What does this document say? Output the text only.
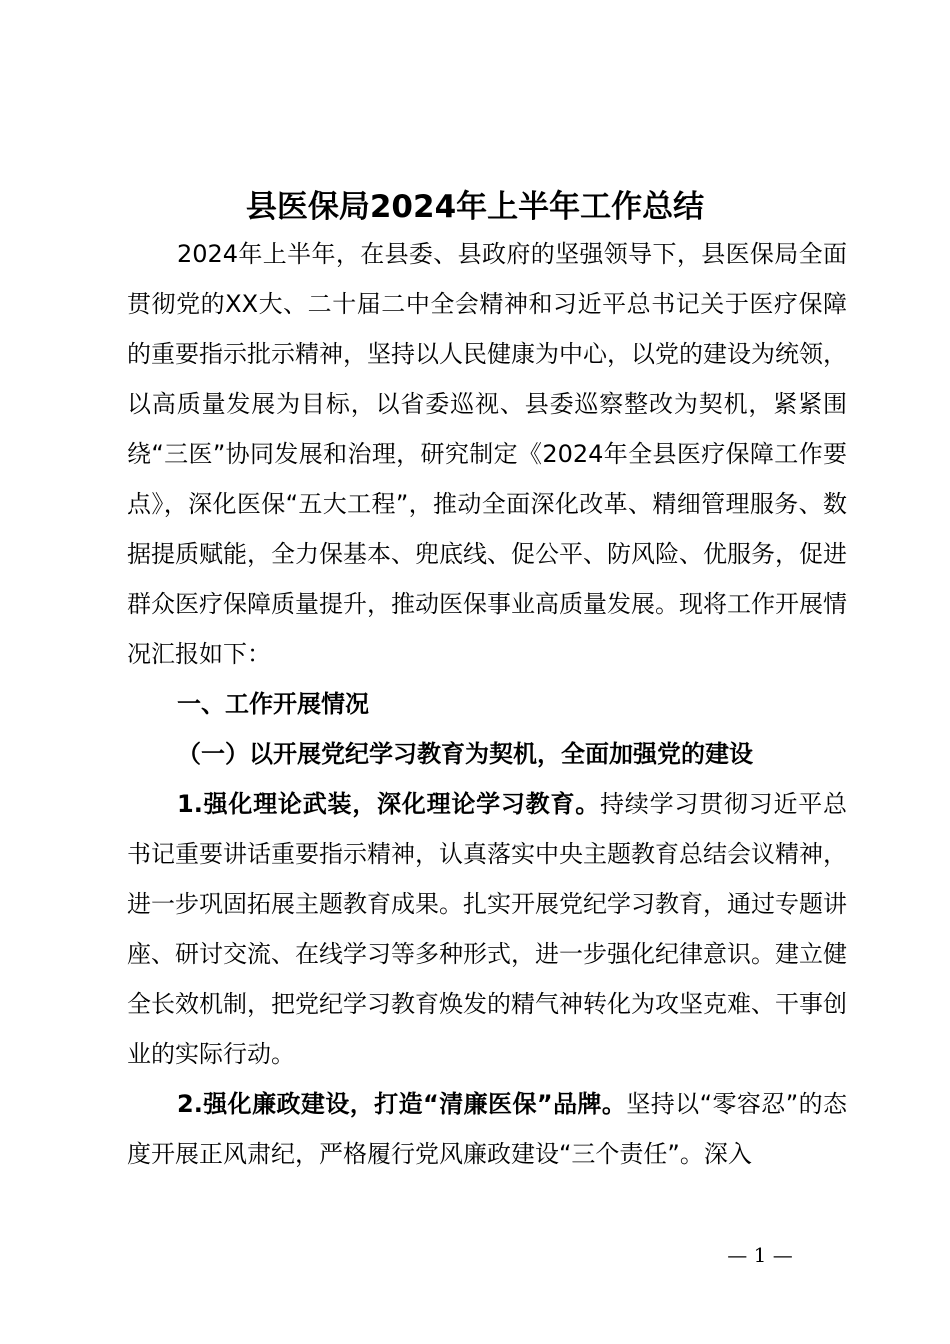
县医保局2024年上半年工作总结

2024年上半年，在县委、县政府的坚强领导下，县医保局全面贯彻党的XX大、二十届二中全会精神和习近平总书记关于医疗保障的重要指示批示精神，坚持以人民健康为中心，以党的建设为统领，以高质量发展为目标，以省委巡视、县委巡察整改为契机，紧紧围绕“三医”协同发展和治理，研究制定《2024年全县医疗保障工作要点》，深化医保“五大工程”，推动全面深化改革、精细管理服务、数据提质赋能，全力保基本、兜底线、促公平、防风险、优服务，促进群众医疗保障质量提升，推动医保事业高质量发展。现将工作开展情况汇报如下：

一、工作开展情况

（一）以开展党纪学习教育为契机，全面加强党的建设

1.强化理论武装，深化理论学习教育。持续学习贯彻习近平总书记重要讲话重要指示精神，认真落实中央主题教育总结会议精神，进一步巩固拓展主题教育成果。扎实开展党纪学习教育，通过专题讲座、研讨交流、在线学习等多种形式，进一步强化纪律意识。建立健全长效机制，把党纪学习教育焕发的精气神转化为攻坚克难、干事创业的实际行动。

2.强化廉政建设，打造“清廉医保”品牌。坚持以“零容忍”的态度开展正风肃纪，严格履行党风廉政建设“三个责任”。深入

— 1 —
